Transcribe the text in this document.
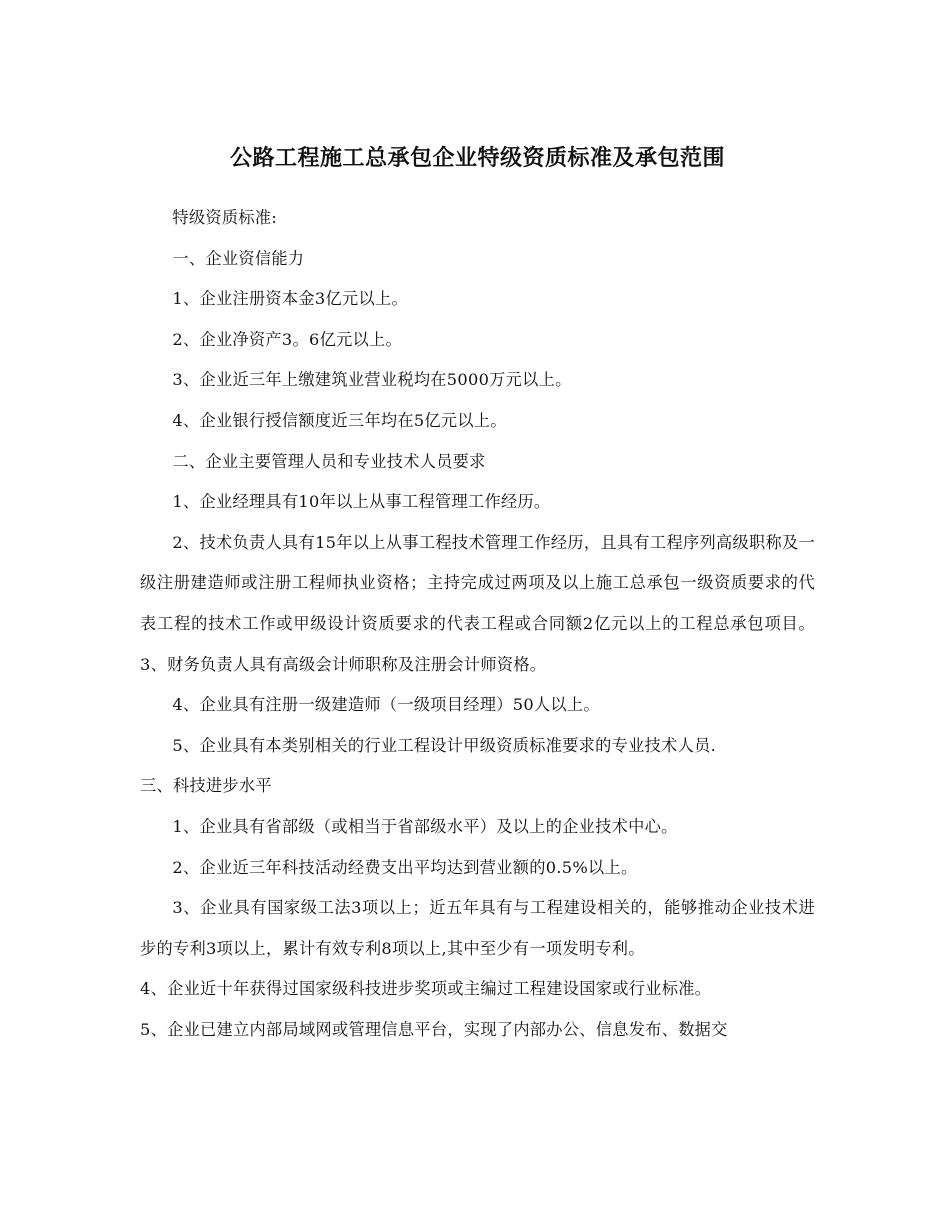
公路工程施工总承包企业特级资质标准及承包范围

特级资质标准:

一、企业资信能力

1、企业注册资本金3亿元以上。

2、企业净资产3。6亿元以上。

3、企业近三年上缴建筑业营业税均在5000万元以上。

4、企业银行授信额度近三年均在5亿元以上。

二、企业主要管理人员和专业技术人员要求

1、企业经理具有10年以上从事工程管理工作经历。

2、技术负责人具有15年以上从事工程技术管理工作经历，且具有工程序列高级职称及一级注册建造师或注册工程师执业资格；主持完成过两项及以上施工总承包一级资质要求的代表工程的技术工作或甲级设计资质要求的代表工程或合同额2亿元以上的工程总承包项目。 3、财务负责人具有高级会计师职称及注册会计师资格。

4、企业具有注册一级建造师（一级项目经理）50人以上。

5、企业具有本类别相关的行业工程设计甲级资质标准要求的专业技术人员.

三、科技进步水平

1、企业具有省部级（或相当于省部级水平）及以上的企业技术中心。

2、企业近三年科技活动经费支出平均达到营业额的0.5%以上。

3、企业具有国家级工法3项以上；近五年具有与工程建设相关的，能够推动企业技术进步的专利3项以上，累计有效专利8项以上,其中至少有一项发明专利。

4、企业近十年获得过国家级科技进步奖项或主编过工程建设国家或行业标准。

5、企业已建立内部局域网或管理信息平台，实现了内部办公、信息发布、数据交
